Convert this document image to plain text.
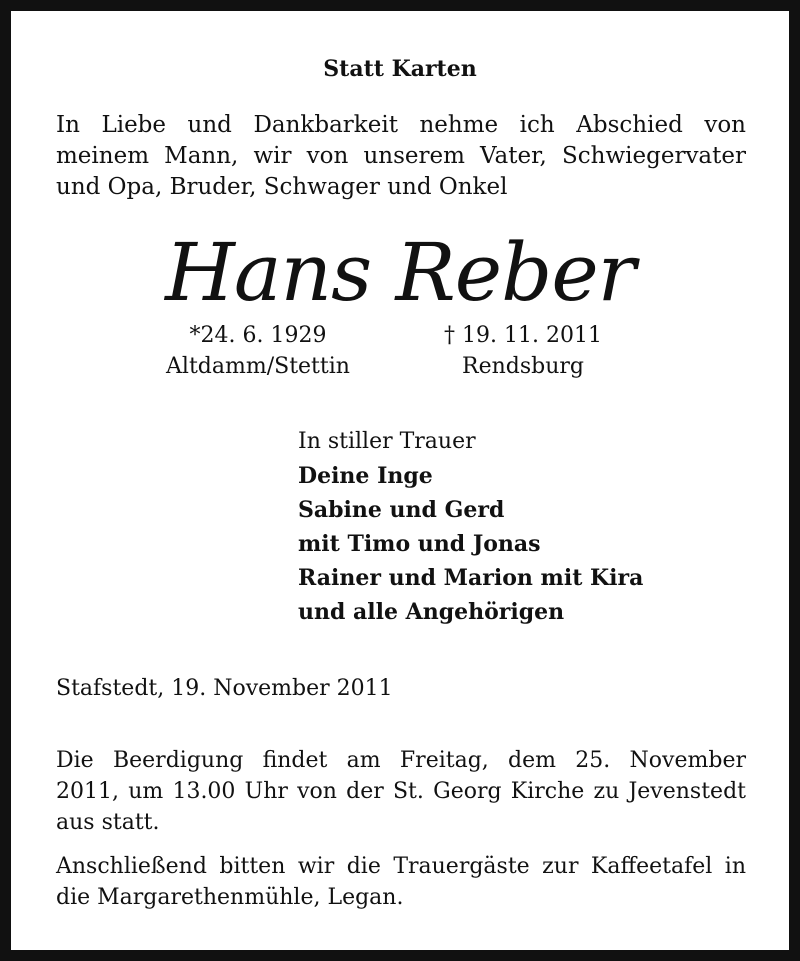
Statt Karten
In Liebe und Dankbarkeit nehme ich Abschied von
meinem Mann, wir von unserem Vater, Schwiegervater
und Opa, Bruder, Schwager und Onkel
Hans Reber
*24. 6. 1929
Altdamm/Stettin
† 19. 11. 2011
Rendsburg
In stiller Trauer
Deine Inge
Sabine und Gerd
mit Timo und Jonas
Rainer und Marion mit Kira
und alle Angehörigen
Stafstedt, 19. November 2011
Die Beerdigung findet am Freitag, dem 25. November
2011, um 13.00 Uhr von der St. Georg Kirche zu Jevenstedt
aus statt.
Anschließend bitten wir die Trauergäste zur Kaffeetafel in
die Margarethenmühle, Legan.
